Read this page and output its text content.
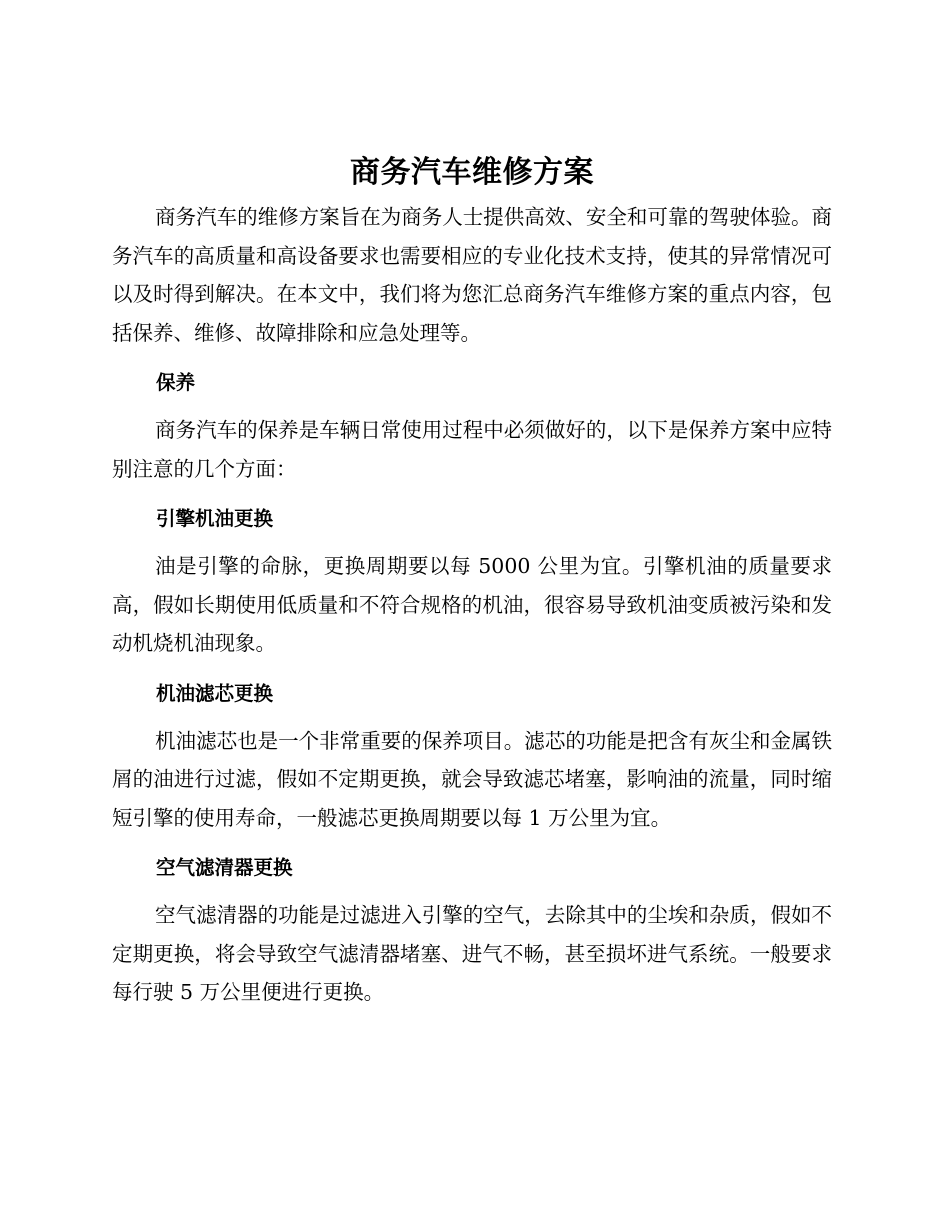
商务汽车维修方案

商务汽车的维修方案旨在为商务人士提供高效、安全和可靠的驾驶体验。商务汽车的高质量和高设备要求也需要相应的专业化技术支持，使其的异常情况可以及时得到解决。在本文中，我们将为您汇总商务汽车维修方案的重点内容，包括保养、维修、故障排除和应急处理等。

保养

商务汽车的保养是车辆日常使用过程中必须做好的，以下是保养方案中应特别注意的几个方面：

引擎机油更换

油是引擎的命脉，更换周期要以每 5000 公里为宜。引擎机油的质量要求高，假如长期使用低质量和不符合规格的机油，很容易导致机油变质被污染和发动机烧机油现象。

机油滤芯更换

机油滤芯也是一个非常重要的保养项目。滤芯的功能是把含有灰尘和金属铁屑的油进行过滤，假如不定期更换，就会导致滤芯堵塞，影响油的流量，同时缩短引擎的使用寿命，一般滤芯更换周期要以每 1 万公里为宜。

空气滤清器更换

空气滤清器的功能是过滤进入引擎的空气，去除其中的尘埃和杂质，假如不定期更换，将会导致空气滤清器堵塞、进气不畅，甚至损坏进气系统。一般要求每行驶 5 万公里便进行更换。
